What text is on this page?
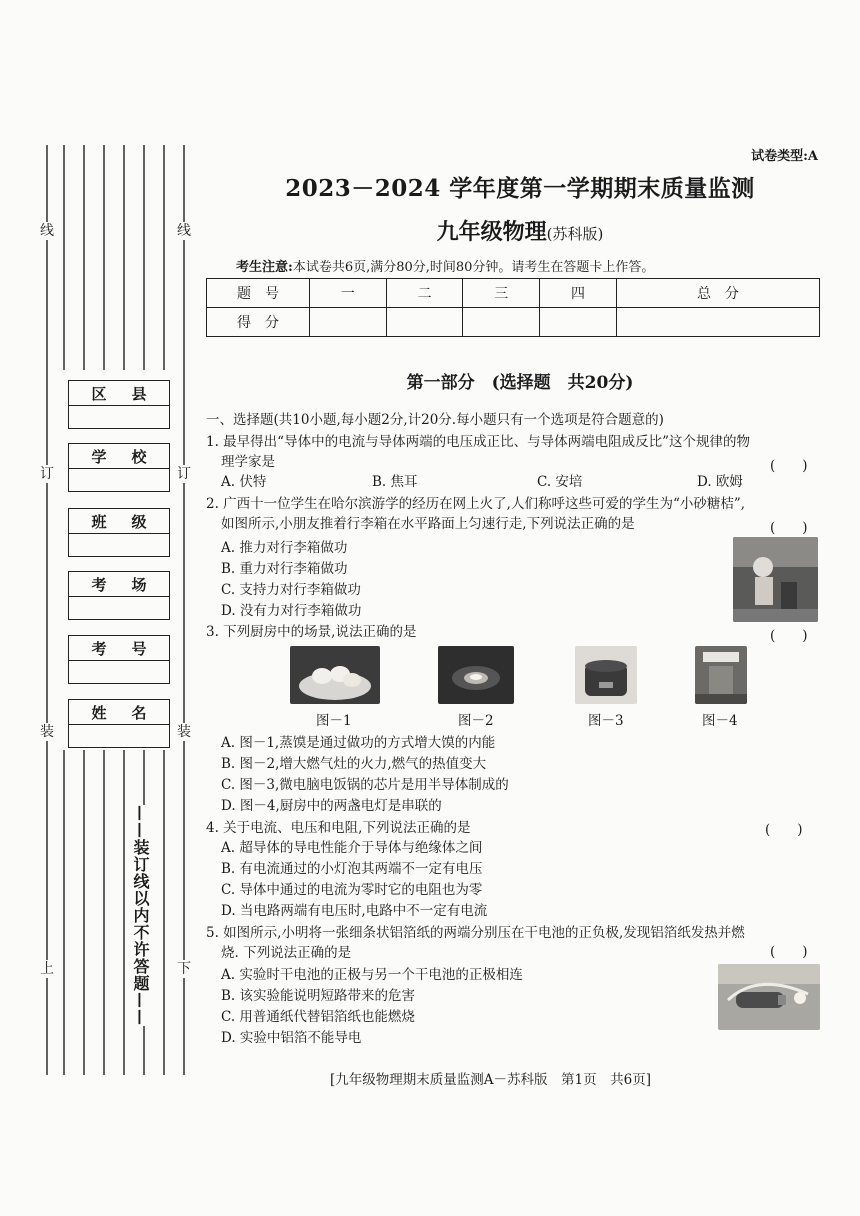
线
订
装
上
线
订
装
下
区 县
学 校
班 级
考 场
考 号
姓 名
——装订线以内不许答题——
试卷类型:A
2023－2024 学年度第一学期期末质量监测
九年级物理(苏科版)
考生注意:本试卷共6页,满分80分,时间80分钟。请考生在答题卡上作答。
题　号	一	二	三	四	总　分
得　分					
第一部分　(选择题　共20分)
一、选择题(共10小题,每小题2分,计20分.每小题只有一个选项是符合题意的)
1. 最早得出“导体中的电流与导体两端的电压成正比、与导体两端电阻成反比”这个规律的物
理学家是	(　　)
A. 伏特	B. 焦耳	C. 安培	D. 欧姆
2. 广西十一位学生在哈尔滨游学的经历在网上火了,人们称呼这些可爱的学生为“小砂糖桔”,
如图所示,小朋友推着行李箱在水平路面上匀速行走,下列说法正确的是	(　　)
A. 推力对行李箱做功
B. 重力对行李箱做功
C. 支持力对行李箱做功
D. 没有力对行李箱做功
3. 下列厨房中的场景,说法正确的是	(　　)
图－1	图－2	图－3	图－4
A. 图－1,蒸馍是通过做功的方式增大馍的内能
B. 图－2,增大燃气灶的火力,燃气的热值变大
C. 图－3,微电脑电饭锅的芯片是用半导体制成的
D. 图－4,厨房中的两盏电灯是串联的
4. 关于电流、电压和电阻,下列说法正确的是	(　　)
A. 超导体的导电性能介于导体与绝缘体之间
B. 有电流通过的小灯泡其两端不一定有电压
C. 导体中通过的电流为零时它的电阻也为零
D. 当电路两端有电压时,电路中不一定有电流
5. 如图所示,小明将一张细条状铝箔纸的两端分别压在干电池的正负极,发现铝箔纸发热并燃
烧. 下列说法正确的是	(　　)
A. 实验时干电池的正极与另一个干电池的正极相连
B. 该实验能说明短路带来的危害
C. 用普通纸代替铝箔纸也能燃烧
D. 实验中铝箔不能导电
[九年级物理期末质量监测A－苏科版　第1页　共6页]
